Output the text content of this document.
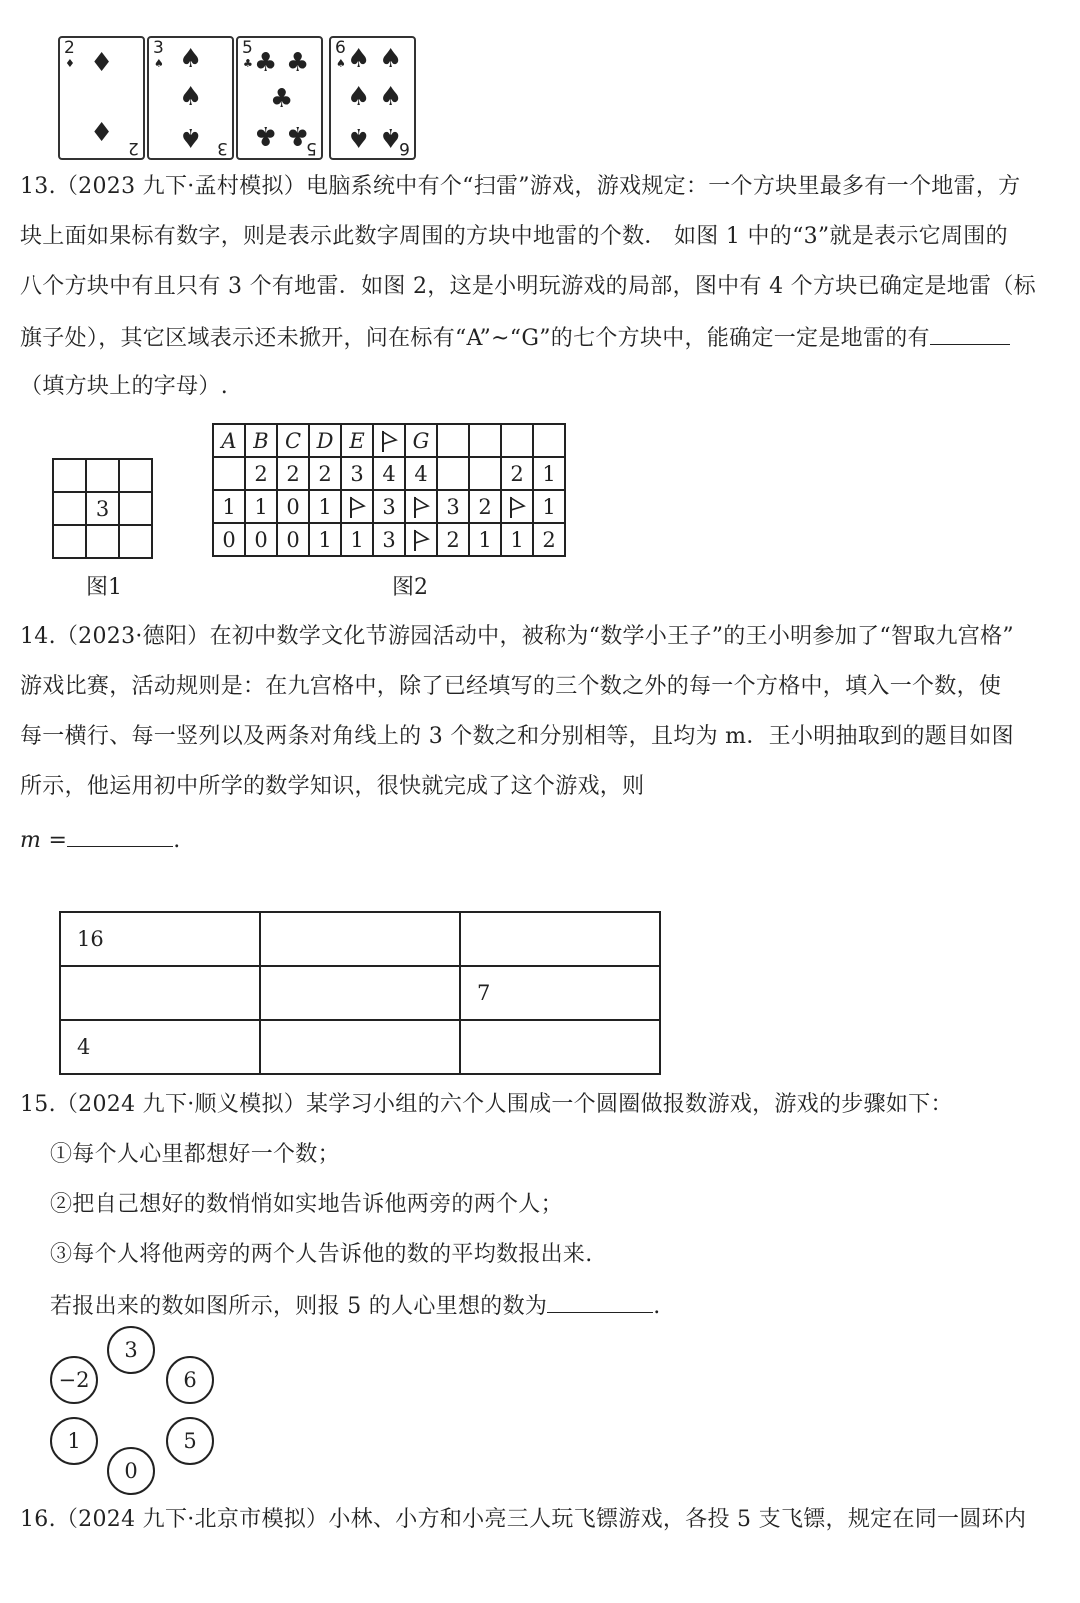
2
♦ ♦
♦ 2
3
♠ ♠
♠
♠ 3
5
♣ ♣ ♣
♣
♣ ♣
5
6
♠ ♠ ♠
♠ ♠
♠ ♠
6
13.（2023 九下·孟村模拟）电脑系统中有个“扫雷”游戏，游戏规定：一个方块里最多有一个地雷，方
块上面如果标有数字，则是表示此数字周围的方块中地雷的个数． 如图 1 中的“3”就是表示它周围的
八个方块中有且只有 3 个有地雷．如图 2，这是小明玩游戏的局部，图中有 4 个方块已确定是地雷（标
旗子处），其它区域表示还未掀开，问在标有“A”~“G”的七个方块中，能确定一定是地雷的有
（填方块上的字母）.

	3	

图1
A	B	C	D	E		G				
	2	2	2	3	4	4			2	1
1	1	0	1		3		3	2		1
0	0	0	1	1	3		2	1	1	2
图2
14.（2023·德阳）在初中数学文化节游园活动中，被称为“数学小王子”的王小明参加了“智取九宫格”
游戏比赛，活动规则是：在九宫格中，除了已经填写的三个数之外的每一个方格中，填入一个数，使
每一横行、每一竖列以及两条对角线上的 3 个数之和分别相等，且均为 m．王小明抽取到的题目如图
所示，他运用初中所学的数学知识，很快就完成了这个游戏，则
m =	.
16		
		7
4		
15.（2024 九下·顺义模拟）某学习小组的六个人围成一个圆圈做报数游戏，游戏的步骤如下：
①每个人心里都想好一个数；
②把自己想好的数悄悄如实地告诉他两旁的两个人；
③每个人将他两旁的两个人告诉他的数的平均数报出来.
若报出来的数如图所示，则报 5 的人心里想的数为	.
3
−2	6
1	5
0
16.（2024 九下·北京市模拟）小林、小方和小亮三人玩飞镖游戏，各投 5 支飞镖，规定在同一圆环内
